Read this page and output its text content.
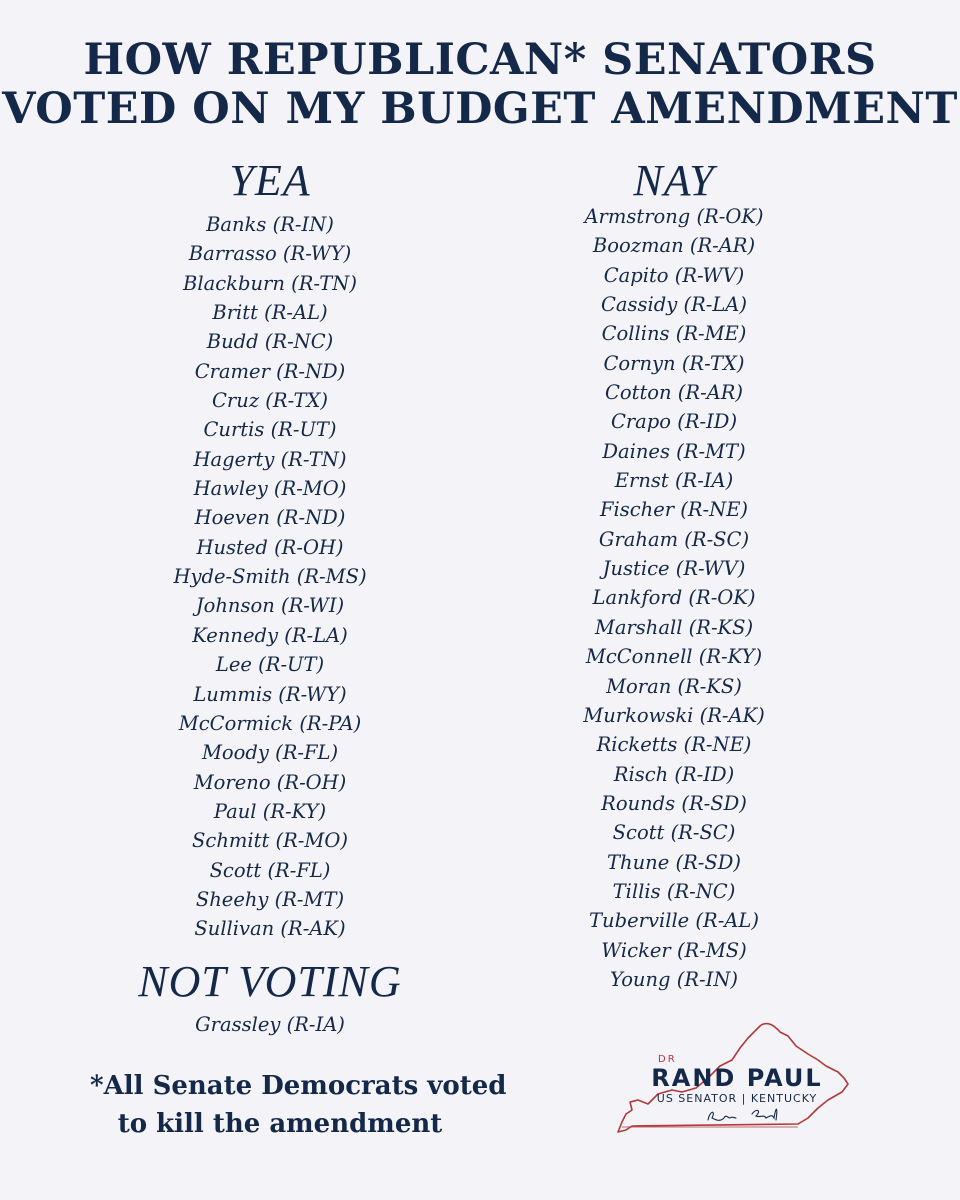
HOW REPUBLICAN* SENATORS
VOTED ON MY BUDGET AMENDMENT
YEA
Banks (R-IN)
Barrasso (R-WY)
Blackburn (R-TN)
Britt (R-AL)
Budd (R-NC)
Cramer (R-ND)
Cruz (R-TX)
Curtis (R-UT)
Hagerty (R-TN)
Hawley (R-MO)
Hoeven (R-ND)
Husted (R-OH)
Hyde-Smith (R-MS)
Johnson (R-WI)
Kennedy (R-LA)
Lee (R-UT)
Lummis (R-WY)
McCormick (R-PA)
Moody (R-FL)
Moreno (R-OH)
Paul (R-KY)
Schmitt (R-MO)
Scott (R-FL)
Sheehy (R-MT)
Sullivan (R-AK)
NAY
Armstrong (R-OK)
Boozman (R-AR)
Capito (R-WV)
Cassidy (R-LA)
Collins (R-ME)
Cornyn (R-TX)
Cotton (R-AR)
Crapo (R-ID)
Daines (R-MT)
Ernst (R-IA)
Fischer (R-NE)
Graham (R-SC)
Justice (R-WV)
Lankford (R-OK)
Marshall (R-KS)
McConnell (R-KY)
Moran (R-KS)
Murkowski (R-AK)
Ricketts (R-NE)
Risch (R-ID)
Rounds (R-SD)
Scott (R-SC)
Thune (R-SD)
Tillis (R-NC)
Tuberville (R-AL)
Wicker (R-MS)
Young (R-IN)
NOT VOTING
Grassley (R-IA)
*All Senate Democrats voted
to kill the amendment
DR
RAND PAUL
US SENATOR | KENTUCKY
